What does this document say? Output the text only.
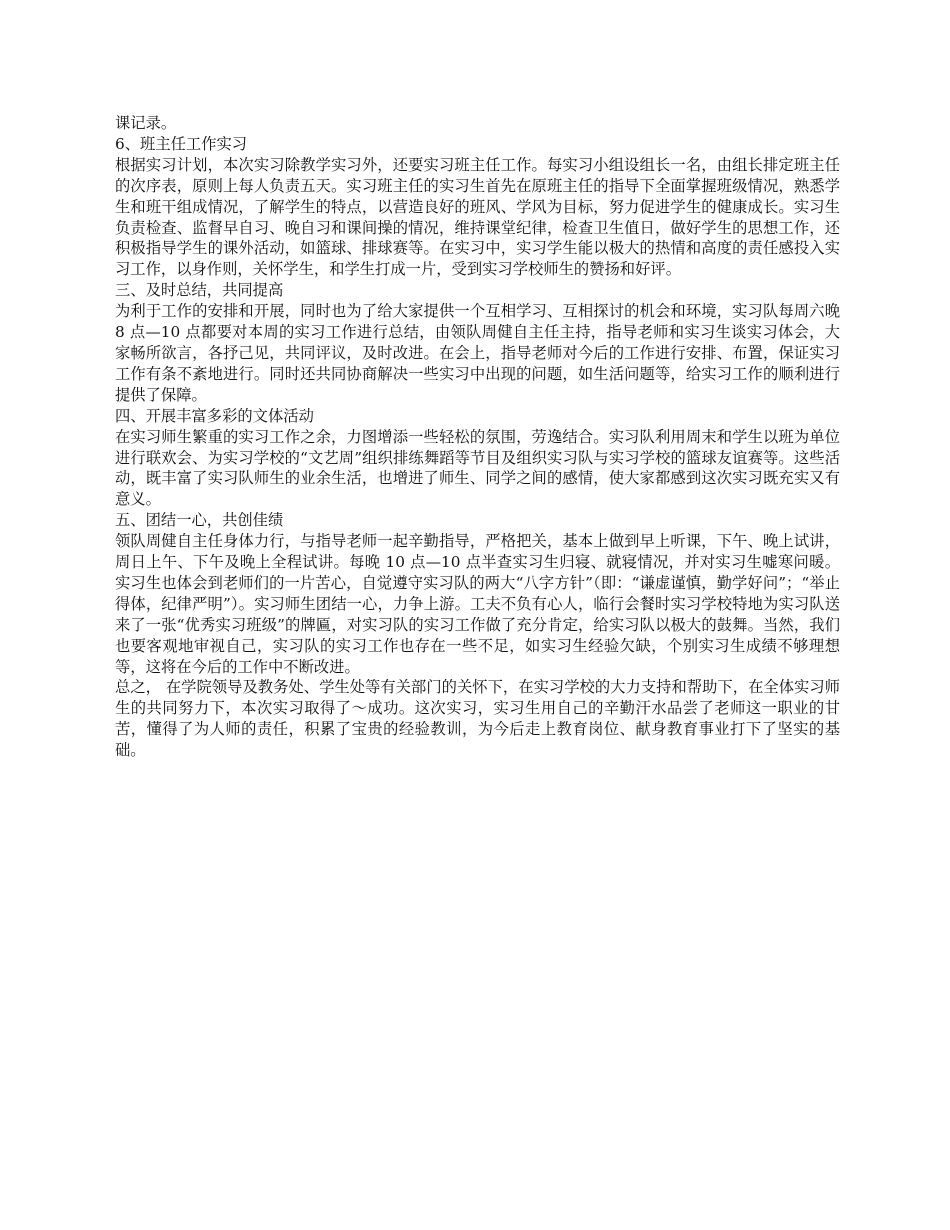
课记录。

6、班主任工作实习

根据实习计划，本次实习除教学实习外，还要实习班主任工作。每实习小组设组长一名，由组长排定班主任的次序表，原则上每人负责五天。实习班主任的实习生首先在原班主任的指导下全面掌握班级情况，熟悉学生和班干组成情况，了解学生的特点，以营造良好的班风、学风为目标，努力促进学生的健康成长。实习生负责检查、监督早自习、晚自习和课间操的情况，维持课堂纪律，检查卫生值日，做好学生的思想工作，还积极指导学生的课外活动，如篮球、排球赛等。在实习中，实习学生能以极大的热情和高度的责任感投入实习工作，以身作则，关怀学生，和学生打成一片，受到实习学校师生的赞扬和好评。

三、及时总结，共同提高

为利于工作的安排和开展，同时也为了给大家提供一个互相学习、互相探讨的机会和环境，实习队每周六晚 8 点—10 点都要对本周的实习工作进行总结，由领队周健自主任主持，指导老师和实习生谈实习体会，大家畅所欲言，各抒己见，共同评议，及时改进。在会上，指导老师对今后的工作进行安排、布置，保证实习工作有条不紊地进行。同时还共同协商解决一些实习中出现的问题，如生活问题等，给实习工作的顺利进行提供了保障。

四、开展丰富多彩的文体活动

在实习师生繁重的实习工作之余，力图增添一些轻松的氛围，劳逸结合。实习队利用周末和学生以班为单位进行联欢会、为实习学校的“文艺周”组织排练舞蹈等节目及组织实习队与实习学校的篮球友谊赛等。这些活动，既丰富了实习队师生的业余生活，也增进了师生、同学之间的感情，使大家都感到这次实习既充实又有意义。

五、团结一心，共创佳绩

领队周健自主任身体力行，与指导老师一起辛勤指导，严格把关，基本上做到早上听课，下午、晚上试讲，周日上午、下午及晚上全程试讲。每晚 10 点—10 点半查实习生归寝、就寝情况，并对实习生嘘寒问暖。实习生也体会到老师们的一片苦心，自觉遵守实习队的两大“八字方针”（即：“谦虚谨慎，勤学好问”；“举止得体，纪律严明”）。实习师生团结一心，力争上游。工夫不负有心人，临行会餐时实习学校特地为实习队送来了一张“优秀实习班级”的牌匾，对实习队的实习工作做了充分肯定，给实习队以极大的鼓舞。当然，我们也要客观地审视自己，实习队的实习工作也存在一些不足，如实习生经验欠缺，个别实习生成绩不够理想等，这将在今后的工作中不断改进。

总之， 在学院领导及教务处、学生处等有关部门的关怀下，在实习学校的大力支持和帮助下，在全体实习师生的共同努力下，本次实习取得了～成功。这次实习，实习生用自己的辛勤汗水品尝了老师这一职业的甘苦，懂得了为人师的责任，积累了宝贵的经验教训，为今后走上教育岗位、献身教育事业打下了坚实的基础。
